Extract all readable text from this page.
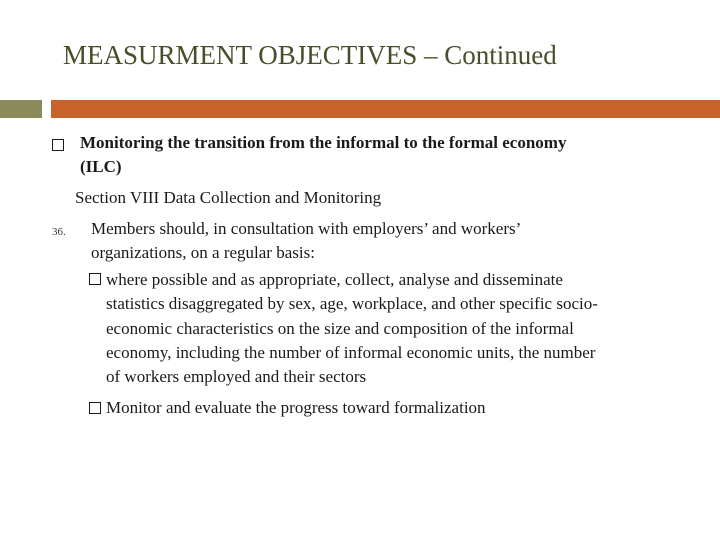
MEASURMENT OBJECTIVES – Continued
Monitoring the transition from the informal to the formal economy
(ILC)
Section VIII Data Collection and Monitoring
36. Members should, in consultation with employers’ and workers’
organizations, on a regular basis:
where possible and as appropriate, collect, analyse and disseminate
statistics disaggregated by sex, age, workplace, and other specific socio-
economic characteristics on the size and composition of the informal
economy, including the number of informal economic units, the number
of workers employed and their sectors
Monitor and evaluate the progress toward formalization
